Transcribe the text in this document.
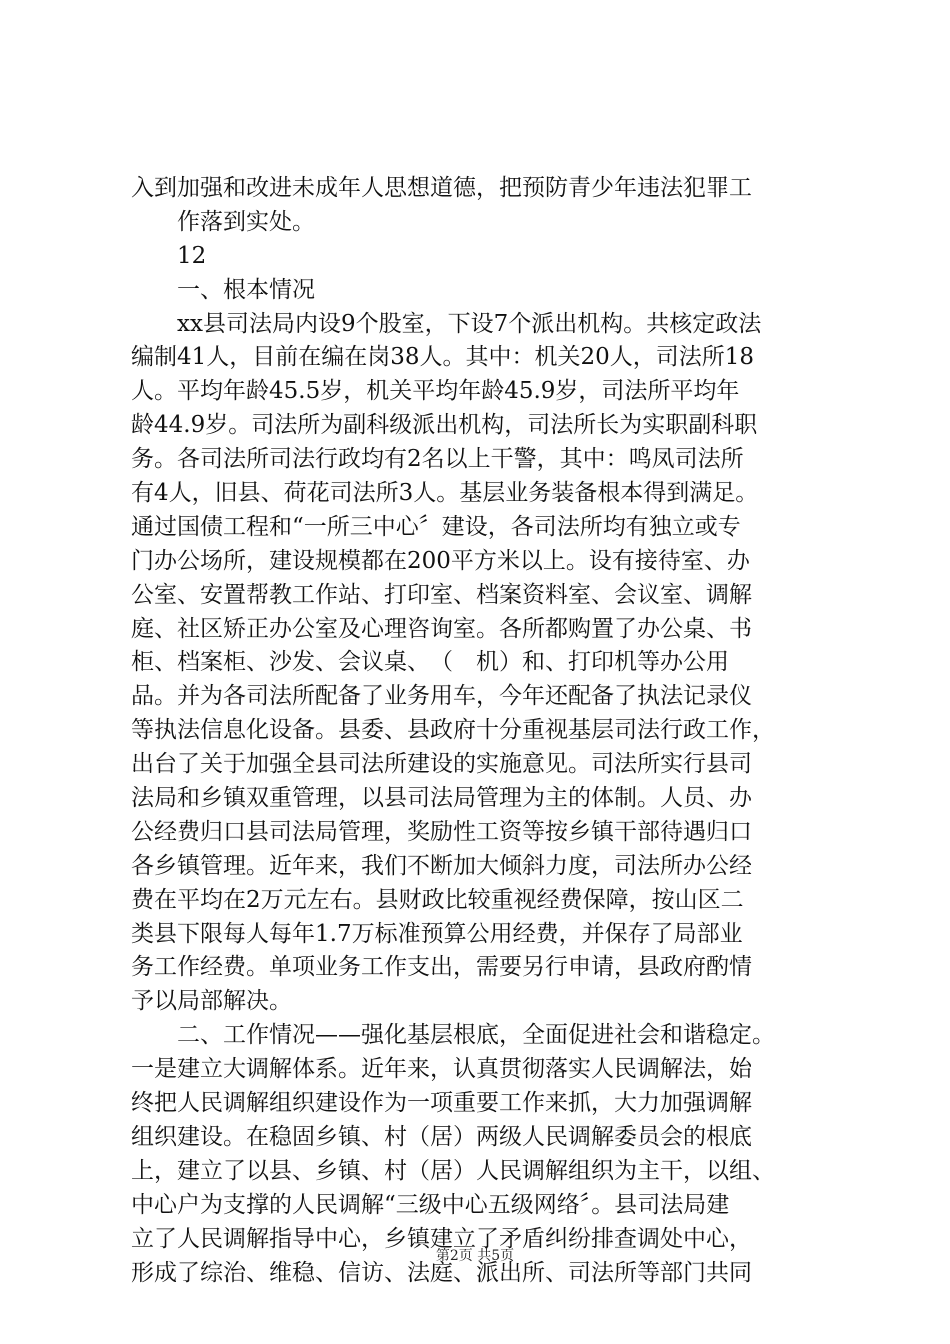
入到加强和改进未成年人思想道德，把预防青少年违法犯罪工
作落到实处。
12
一、根本情况
xx县司法局内设9个股室，下设7个派出机构。共核定政法
编制41人，目前在编在岗38人。其中：机关20人，司法所18
人。平均年龄45.5岁，机关平均年龄45.9岁，司法所平均年
龄44.9岁。司法所为副科级派出机构，司法所长为实职副科职
务。各司法所司法行政均有2名以上干警，其中：鸣凤司法所
有4人，旧县、荷花司法所3人。基层业务装备根本得到满足。
通过国债工程和“一所三中心〞建设，各司法所均有独立或专
门办公场所，建设规模都在200平方米以上。设有接待室、办
公室、安置帮教工作站、打印室、档案资料室、会议室、调解
庭、社区矫正办公室及心理咨询室。各所都购置了办公桌、书
柜、档案柜、沙发、会议桌、　（　机）和、打印机等办公用
品。并为各司法所配备了业务用车，今年还配备了执法记录仪
等执法信息化设备。县委、县政府十分重视基层司法行政工作，
出台了关于加强全县司法所建设的实施意见。司法所实行县司
法局和乡镇双重管理，以县司法局管理为主的体制。人员、办
公经费归口县司法局管理，奖励性工资等按乡镇干部待遇归口
各乡镇管理。近年来，我们不断加大倾斜力度，司法所办公经
费在平均在2万元左右。县财政比较重视经费保障，按山区二
类县下限每人每年1.7万标准预算公用经费，并保存了局部业
务工作经费。单项业务工作支出，需要另行申请，县政府酌情
予以局部解决。
二、工作情况——强化基层根底，全面促进社会和谐稳定。
一是建立大调解体系。近年来，认真贯彻落实人民调解法，始
终把人民调解组织建设作为一项重要工作来抓，大力加强调解
组织建设。在稳固乡镇、村（居）两级人民调解委员会的根底
上，建立了以县、乡镇、村（居）人民调解组织为主干，以组、
中心户为支撑的人民调解“三级中心五级网络〞。县司法局建
立了人民调解指导中心，乡镇建立了矛盾纠纷排查调处中心，
形成了综治、维稳、信访、法庭、派出所、司法所等部门共同
第2页 共5页
